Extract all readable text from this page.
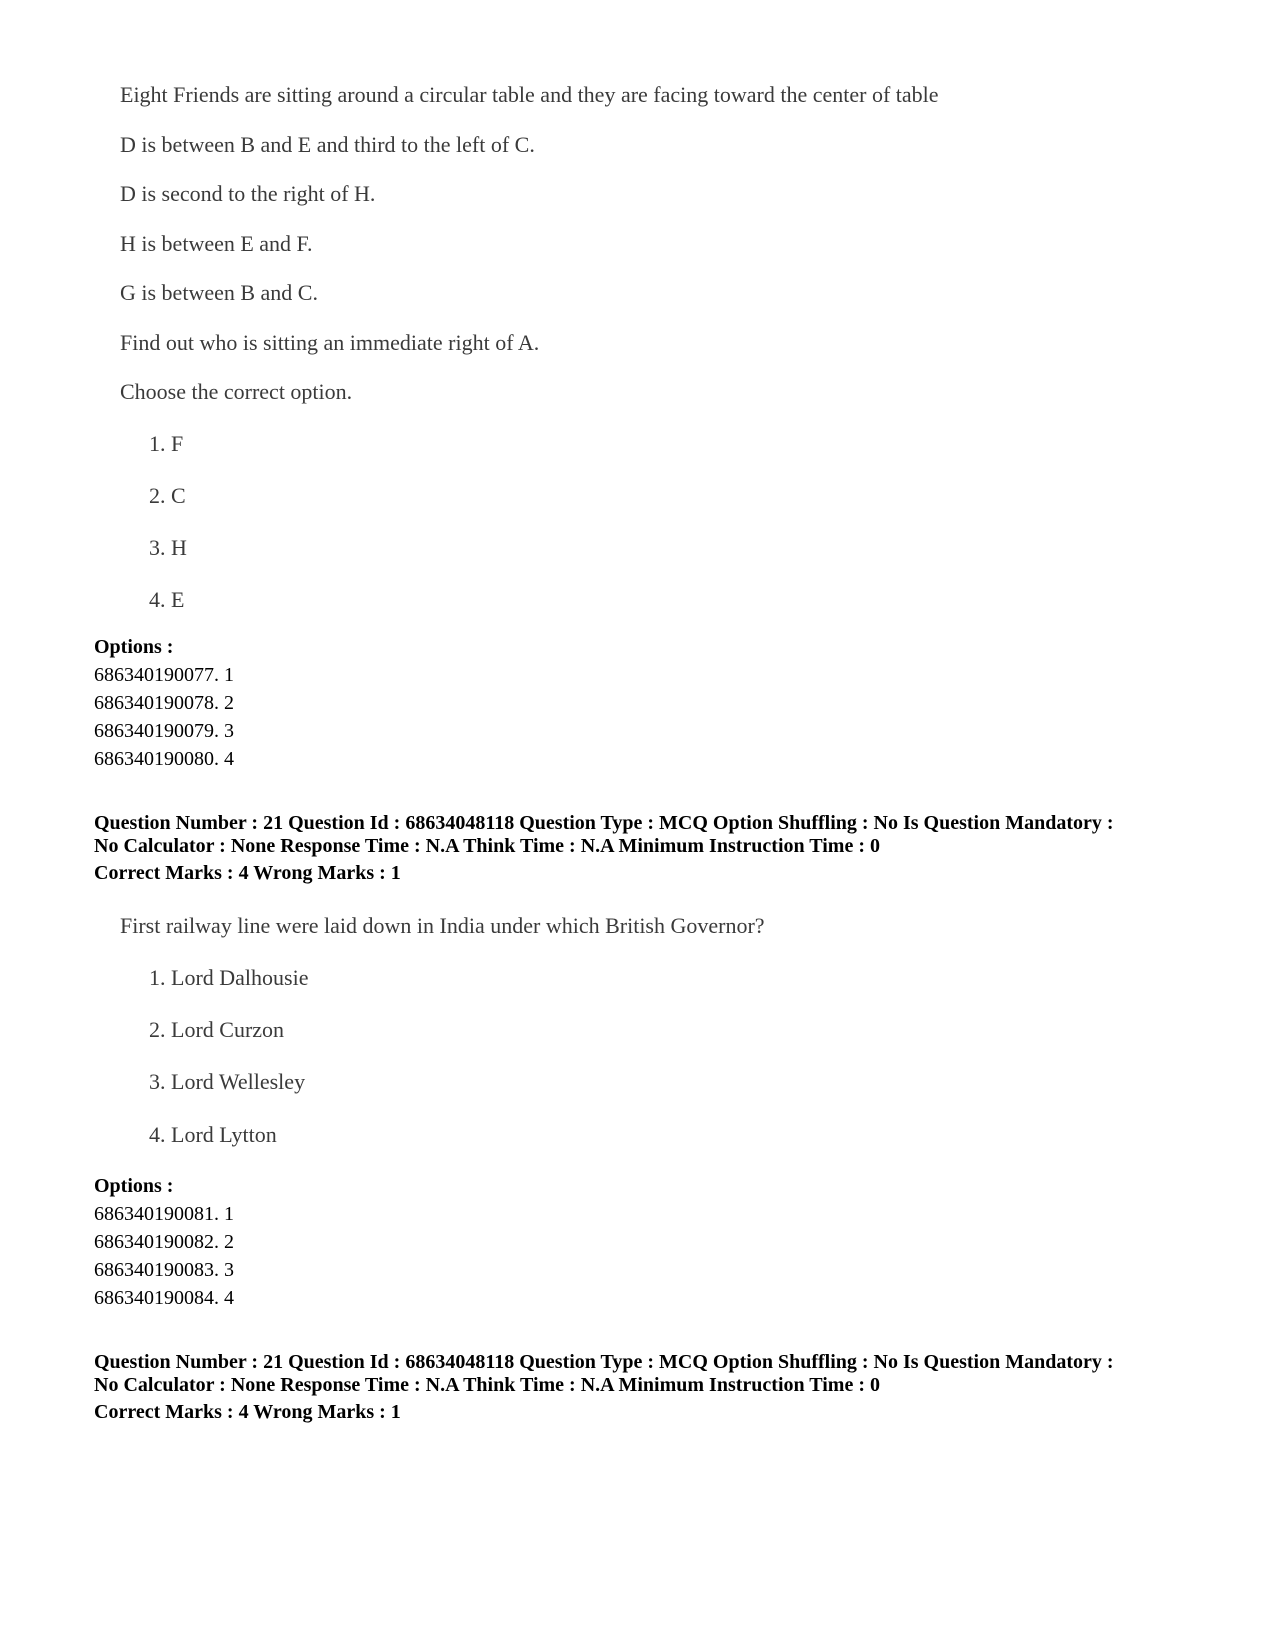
Eight Friends are sitting around a circular table and they are facing toward the center of table
D is between B and E and third to the left of C.
D is second to the right of H.
H is between E and F.
G is between B and C.
Find out who is sitting an immediate right of A.
Choose the correct option.
1. F
2. C
3. H
4. E
Options :
686340190077. 1
686340190078. 2
686340190079. 3
686340190080. 4
Question Number : 21 Question Id : 68634048118 Question Type : MCQ Option Shuffling : No Is Question Mandatory :
No Calculator : None Response Time : N.A Think Time : N.A Minimum Instruction Time : 0
Correct Marks : 4 Wrong Marks : 1
First railway line were laid down in India under which British Governor?
1. Lord Dalhousie
2. Lord Curzon
3. Lord Wellesley
4. Lord Lytton
Options :
686340190081. 1
686340190082. 2
686340190083. 3
686340190084. 4
Question Number : 21 Question Id : 68634048118 Question Type : MCQ Option Shuffling : No Is Question Mandatory :
No Calculator : None Response Time : N.A Think Time : N.A Minimum Instruction Time : 0
Correct Marks : 4 Wrong Marks : 1
